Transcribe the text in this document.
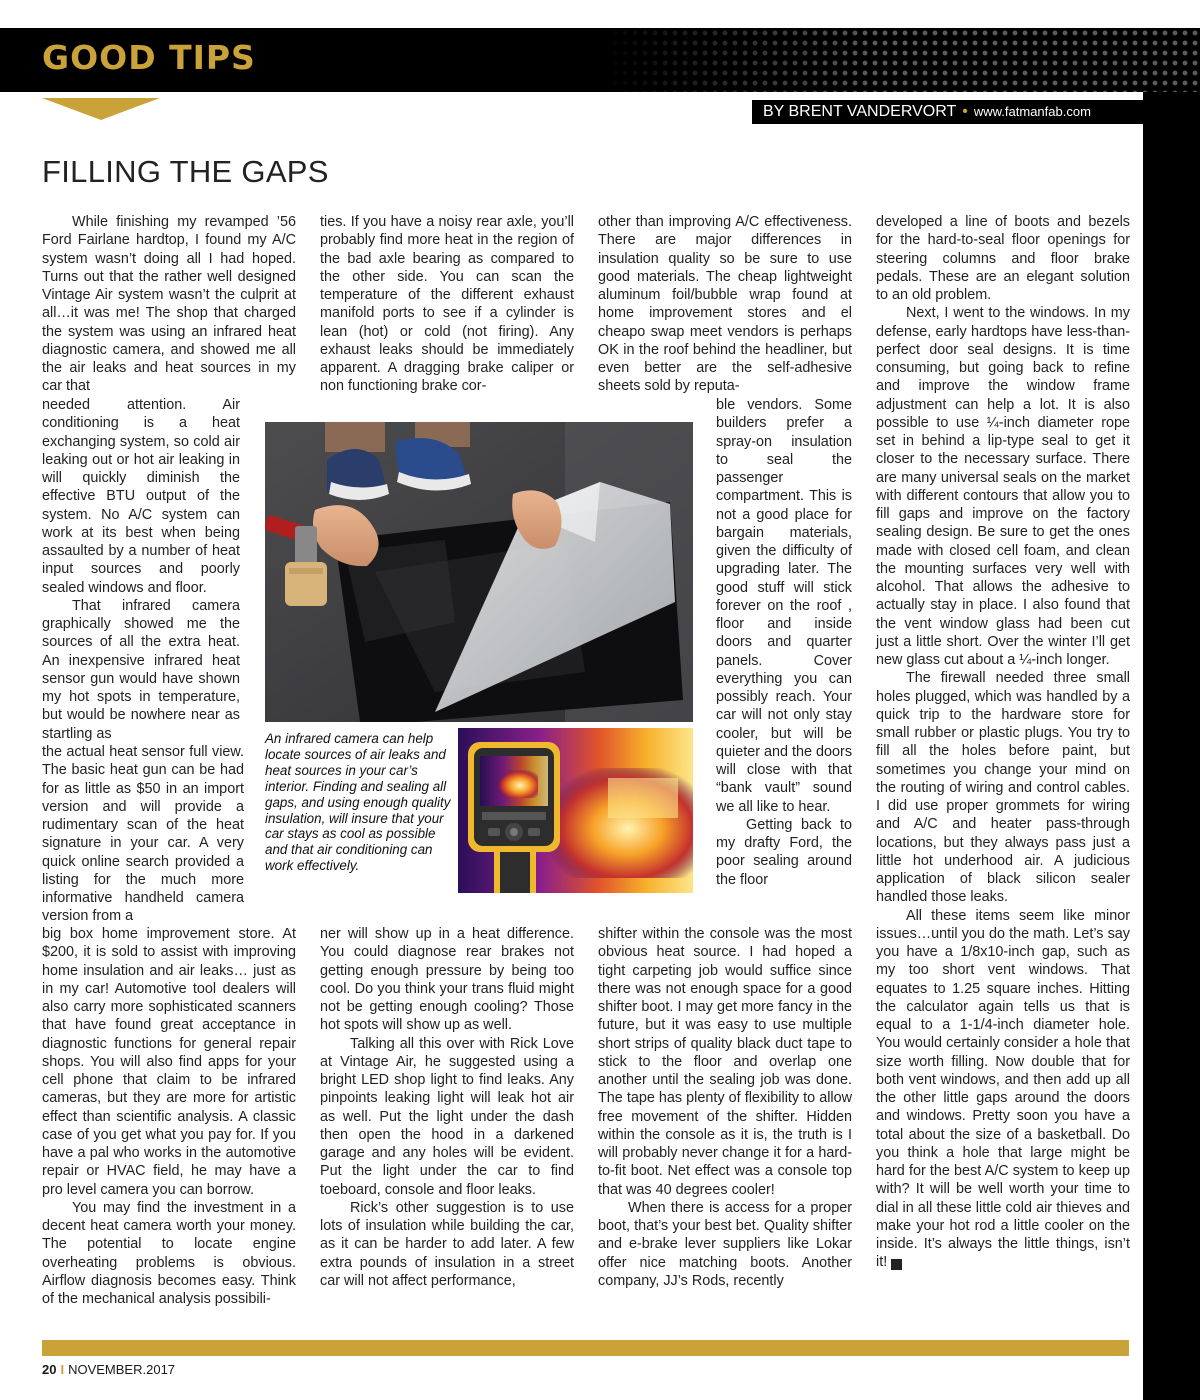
GOOD TIPS
BY BRENT VANDERVORT • www.fatmanfab.com
FILLING THE GAPS

While finishing my revamped ’56 Ford Fairlane hardtop, I found my A/C system wasn’t doing all I had hoped. Turns out that the rather well designed Vintage Air system wasn’t the culprit at all…it was me! The shop that charged the system was using an infrared heat diagnostic camera, and showed me all the air leaks and heat sources in my car that

needed attention. Air conditioning is a heat exchanging system, so cold air leaking out or hot air leaking in will quickly diminish the effective BTU output of the system. No A/C system can work at its best when being assaulted by a number of heat input sources and poorly sealed windows and floor.

That infrared camera graphically showed me the sources of all the extra heat. An inexpensive infrared heat sensor gun would have shown my hot spots in temperature, but would be nowhere near as startling as

the actual heat sensor full view. The basic heat gun can be had for as little as $50 in an import version and will provide a rudimentary scan of the heat signature in your car. A very quick online search provided a listing for the much more informative handheld camera version from a

big box home improvement store. At $200, it is sold to assist with improving home insulation and air leaks… just as in my car! Automotive tool dealers will also carry more sophisticated scanners that have found great acceptance in diagnostic functions for general repair shops. You will also find apps for your cell phone that claim to be infrared cameras, but they are more for artistic effect than scientific analysis. A classic case of you get what you pay for. If you have a pal who works in the automotive repair or HVAC field, he may have a pro level camera you can borrow.

You may find the investment in a decent heat camera worth your money. The potential to locate engine overheating problems is obvious. Airflow diagnosis becomes easy. Think of the mechanical analysis possibili-

ties. If you have a noisy rear axle, you’ll probably find more heat in the region of the bad axle bearing as compared to the other side. You can scan the temperature of the different exhaust manifold ports to see if a cylinder is lean (hot) or cold (not firing). Any exhaust leaks should be immediately apparent. A dragging brake caliper or non functioning brake cor-

ner will show up in a heat difference. You could diagnose rear brakes not getting enough pressure by being too cool. Do you think your trans fluid might not be getting enough cooling? Those hot spots will show up as well.

Talking all this over with Rick Love at Vintage Air, he suggested using a bright LED shop light to find leaks. Any pinpoints leaking light will leak hot air as well. Put the light under the dash then open the hood in a darkened garage and any holes will be evident. Put the light under the car to find toeboard, console and floor leaks.

Rick’s other suggestion is to use lots of insulation while building the car, as it can be harder to add later. A few extra pounds of insulation in a street car will not affect performance,

other than improving A/C effectiveness. There are major differences in insulation quality so be sure to use good materials. The cheap lightweight aluminum foil/bubble wrap found at home improvement stores and el cheapo swap meet vendors is perhaps OK in the roof behind the headliner, but even better are the self-adhesive sheets sold by reputa-

ble vendors. Some builders prefer a spray-on insulation to seal the passenger compartment. This is not a good place for bargain materials, given the difficulty of upgrading later. The good stuff will stick forever on the roof , floor and inside doors and quarter panels. Cover everything you can possibly reach. Your car will not only stay cooler, but will be quieter and the doors will close with that “bank vault” sound we all like to hear.

Getting back to my drafty Ford, the poor sealing around the floor

shifter within the console was the most obvious heat source. I had hoped a tight carpeting job would suffice since there was not enough space for a good shifter boot. I may get more fancy in the future, but it was easy to use multiple short strips of quality black duct tape to stick to the floor and overlap one another until the sealing job was done. The tape has plenty of flexibility to allow free movement of the shifter. Hidden within the console as it is, the truth is I will probably never change it for a hard-to-fit boot. Net effect was a console top that was 40 degrees cooler!

When there is access for a proper boot, that’s your best bet. Quality shifter and e-brake lever suppliers like Lokar offer nice matching boots. Another company, JJ’s Rods, recently

developed a line of boots and bezels for the hard-to-seal floor openings for steering columns and floor brake pedals. These are an elegant solution to an old problem.

Next, I went to the windows. In my defense, early hardtops have less-than-perfect door seal designs. It is time consuming, but going back to refine and improve the window frame adjustment can help a lot. It is also possible to use ¼-inch diameter rope set in behind a lip-type seal to get it closer to the necessary surface. There are many universal seals on the market with different contours that allow you to fill gaps and improve on the factory sealing design. Be sure to get the ones made with closed cell foam, and clean the mounting surfaces very well with alcohol. That allows the adhesive to actually stay in place. I also found that the vent window glass had been cut just a little short. Over the winter I’ll get new glass cut about a ¼-inch longer.

The firewall needed three small holes plugged, which was handled by a quick trip to the hardware store for small rubber or plastic plugs. You try to fill all the holes before paint, but sometimes you change your mind on the routing of wiring and control cables. I did use proper grommets for wiring and A/C and heater pass-through locations, but they always pass just a little hot underhood air. A judicious application of black silicon sealer handled those leaks.

All these items seem like minor issues…until you do the math. Let’s say you have a 1/8x10-inch gap, such as my too short vent windows. That equates to 1.25 square inches. Hitting the calculator again tells us that is equal to a 1-1/4-inch diameter hole. You would certainly consider a hole that size worth filling. Now double that for both vent windows, and then add up all the other little gaps around the doors and windows. Pretty soon you have a total about the size of a basketball. Do you think a hole that large might be hard for the best A/C system to keep up with? It will be well worth your time to dial in all these little cold air thieves and make your hot rod a little cooler on the inside. It’s always the little things, isn’t it!	GG

An infrared camera can help locate sources of air leaks and heat sources in your car’s interior. Finding and sealing all gaps, and using enough quality insulation, will insure that your car stays as cool as possible and that air conditioning can work effectively.
20 I NOVEMBER.2017
